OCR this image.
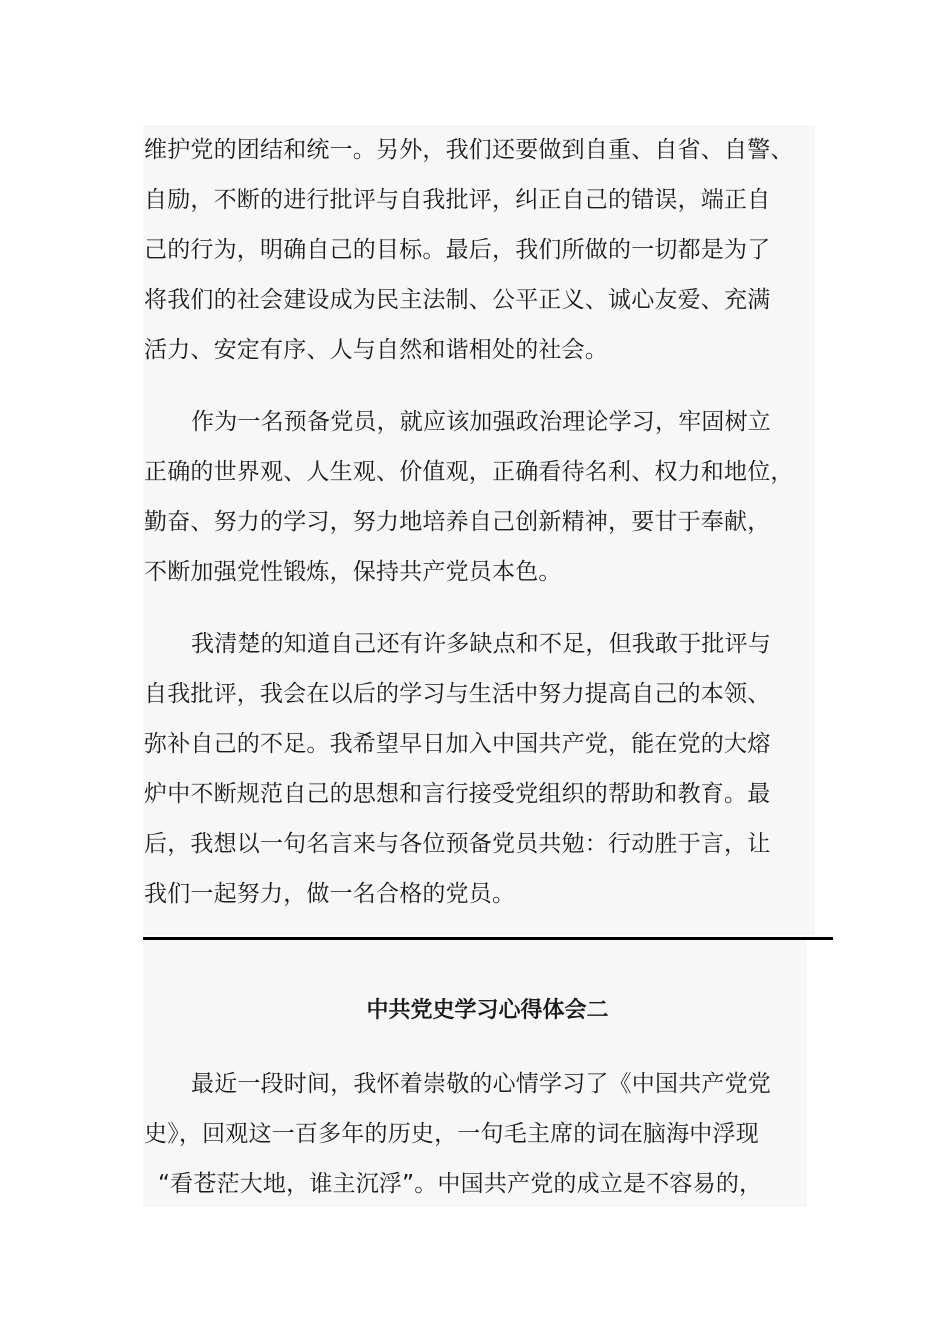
维护党的团结和统一。另外，我们还要做到自重、自省、自警、
自励，不断的进行批评与自我批评，纠正自己的错误，端正自
己的行为，明确自己的目标。最后，我们所做的一切都是为了
将我们的社会建设成为民主法制、公平正义、诚心友爱、充满
活力、安定有序、人与自然和谐相处的社会。
作为一名预备党员，就应该加强政治理论学习，牢固树立
正确的世界观、人生观、价值观，正确看待名利、权力和地位，
勤奋、努力的学习，努力地培养自己创新精神，要甘于奉献，
不断加强党性锻炼，保持共产党员本色。
我清楚的知道自己还有许多缺点和不足，但我敢于批评与
自我批评，我会在以后的学习与生活中努力提高自己的本领、
弥补自己的不足。我希望早日加入中国共产党，能在党的大熔
炉中不断规范自己的思想和言行接受党组织的帮助和教育。最
后，我想以一句名言来与各位预备党员共勉：行动胜于言，让
我们一起努力，做一名合格的党员。
中共党史学习心得体会二
最近一段时间，我怀着崇敬的心情学习了《中国共产党党
史》，回观这一百多年的历史，一句毛主席的词在脑海中浮现
“看苍茫大地，谁主沉浮”。中国共产党的成立是不容易的，
